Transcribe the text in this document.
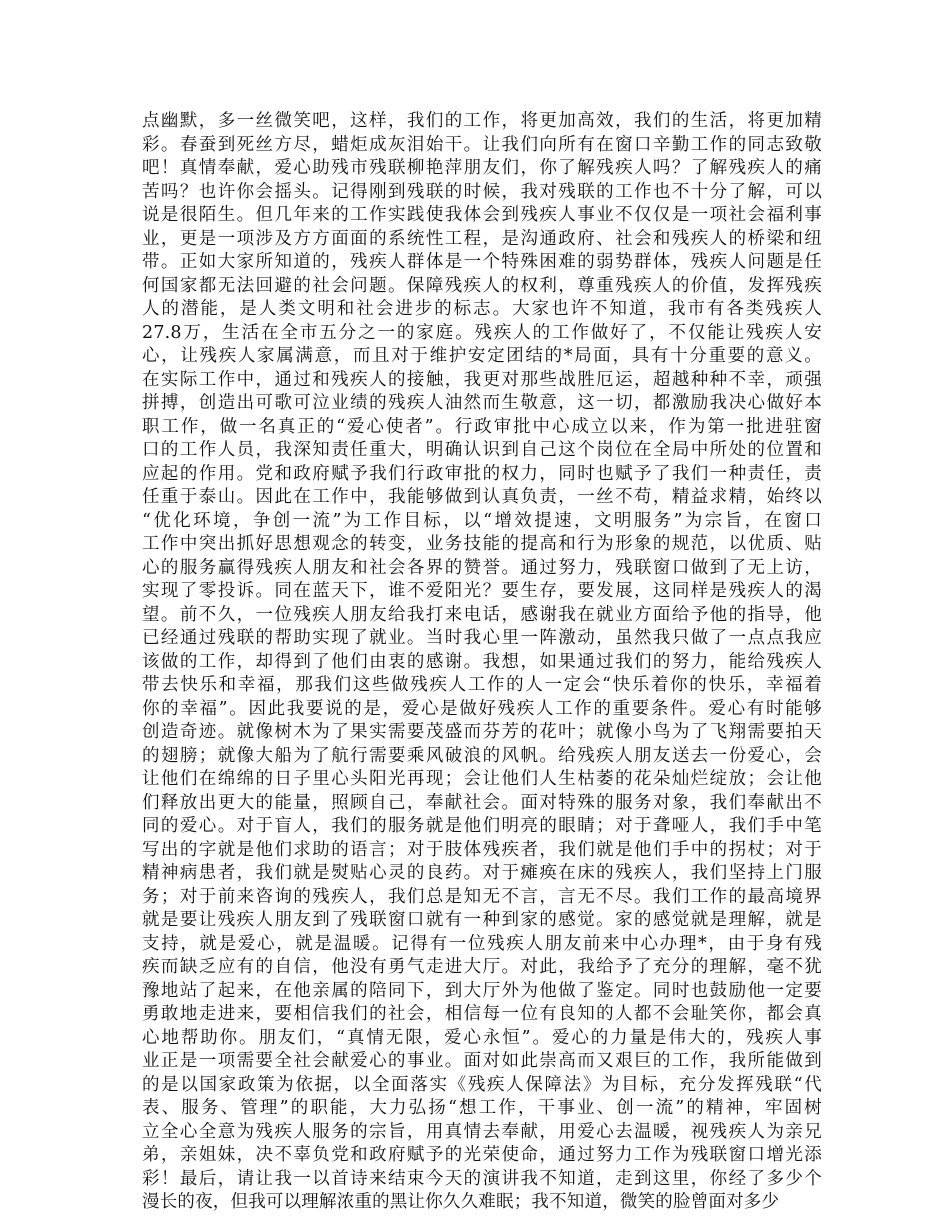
点幽默，多一丝微笑吧，这样，我们的工作，将更加高效，我们的生活，将更加精
彩。春蚕到死丝方尽，蜡炬成灰泪始干。让我们向所有在窗口辛勤工作的同志致敬
吧！真情奉献，爱心助残市残联柳艳萍朋友们，你了解残疾人吗？了解残疾人的痛
苦吗？也许你会摇头。记得刚到残联的时候，我对残联的工作也不十分了解，可以
说是很陌生。但几年来的工作实践使我体会到残疾人事业不仅仅是一项社会福利事
业，更是一项涉及方方面面的系统性工程，是沟通政府、社会和残疾人的桥梁和纽
带。正如大家所知道的，残疾人群体是一个特殊困难的弱势群体，残疾人问题是任
何国家都无法回避的社会问题。保障残疾人的权利，尊重残疾人的价值，发挥残疾
人的潜能，是人类文明和社会进步的标志。大家也许不知道，我市有各类残疾人
27.8万，生活在全市五分之一的家庭。残疾人的工作做好了，不仅能让残疾人安
心，让残疾人家属满意，而且对于维护安定团结的*局面，具有十分重要的意义。
在实际工作中，通过和残疾人的接触，我更对那些战胜厄运，超越种种不幸，顽强
拼搏，创造出可歌可泣业绩的残疾人油然而生敬意，这一切，都激励我决心做好本
职工作，做一名真正的“爱心使者”。行政审批中心成立以来，作为第一批进驻窗
口的工作人员，我深知责任重大，明确认识到自己这个岗位在全局中所处的位置和
应起的作用。党和政府赋予我们行政审批的权力，同时也赋予了我们一种责任，责
任重于泰山。因此在工作中，我能够做到认真负责，一丝不苟，精益求精，始终以
“优化环境，争创一流”为工作目标，以“增效提速，文明服务”为宗旨，在窗口
工作中突出抓好思想观念的转变，业务技能的提高和行为形象的规范，以优质、贴
心的服务赢得残疾人朋友和社会各界的赞誉。通过努力，残联窗口做到了无上访，
实现了零投诉。同在蓝天下，谁不爱阳光？要生存，要发展，这同样是残疾人的渴
望。前不久，一位残疾人朋友给我打来电话，感谢我在就业方面给予他的指导，他
已经通过残联的帮助实现了就业。当时我心里一阵激动，虽然我只做了一点点我应
该做的工作，却得到了他们由衷的感谢。我想，如果通过我们的努力，能给残疾人
带去快乐和幸福，那我们这些做残疾人工作的人一定会“快乐着你的快乐，幸福着
你的幸福”。因此我要说的是，爱心是做好残疾人工作的重要条件。爱心有时能够
创造奇迹。就像树木为了果实需要茂盛而芬芳的花叶；就像小鸟为了飞翔需要拍天
的翅膀；就像大船为了航行需要乘风破浪的风帆。给残疾人朋友送去一份爱心，会
让他们在绵绵的日子里心头阳光再现；会让他们人生枯萎的花朵灿烂绽放；会让他
们释放出更大的能量，照顾自己，奉献社会。面对特殊的服务对象，我们奉献出不
同的爱心。对于盲人，我们的服务就是他们明亮的眼睛；对于聋哑人，我们手中笔
写出的字就是他们求助的语言；对于肢体残疾者，我们就是他们手中的拐杖；对于
精神病患者，我们就是熨贴心灵的良药。对于瘫痪在床的残疾人，我们坚持上门服
务；对于前来咨询的残疾人，我们总是知无不言，言无不尽。我们工作的最高境界
就是要让残疾人朋友到了残联窗口就有一种到家的感觉。家的感觉就是理解，就是
支持，就是爱心，就是温暖。记得有一位残疾人朋友前来中心办理*，由于身有残
疾而缺乏应有的自信，他没有勇气走进大厅。对此，我给予了充分的理解，毫不犹
豫地站了起来，在他亲属的陪同下，到大厅外为他做了鉴定。同时也鼓励他一定要
勇敢地走进来，要相信我们的社会，相信每一位有良知的人都不会耻笑你，都会真
心地帮助你。朋友们，“真情无限，爱心永恒”。爱心的力量是伟大的，残疾人事
业正是一项需要全社会献爱心的事业。面对如此崇高而又艰巨的工作，我所能做到
的是以国家政策为依据，以全面落实《残疾人保障法》为目标，充分发挥残联“代
表、服务、管理”的职能，大力弘扬“想工作，干事业、创一流”的精神，牢固树
立全心全意为残疾人服务的宗旨，用真情去奉献，用爱心去温暖，视残疾人为亲兄
弟，亲姐妹，决不辜负党和政府赋予的光荣使命，通过努力工作为残联窗口增光添
彩！最后，请让我一以首诗来结束今天的演讲我不知道，走到这里，你经了多少个
漫长的夜，但我可以理解浓重的黑让你久久难眠；我不知道，微笑的脸曾面对多少
